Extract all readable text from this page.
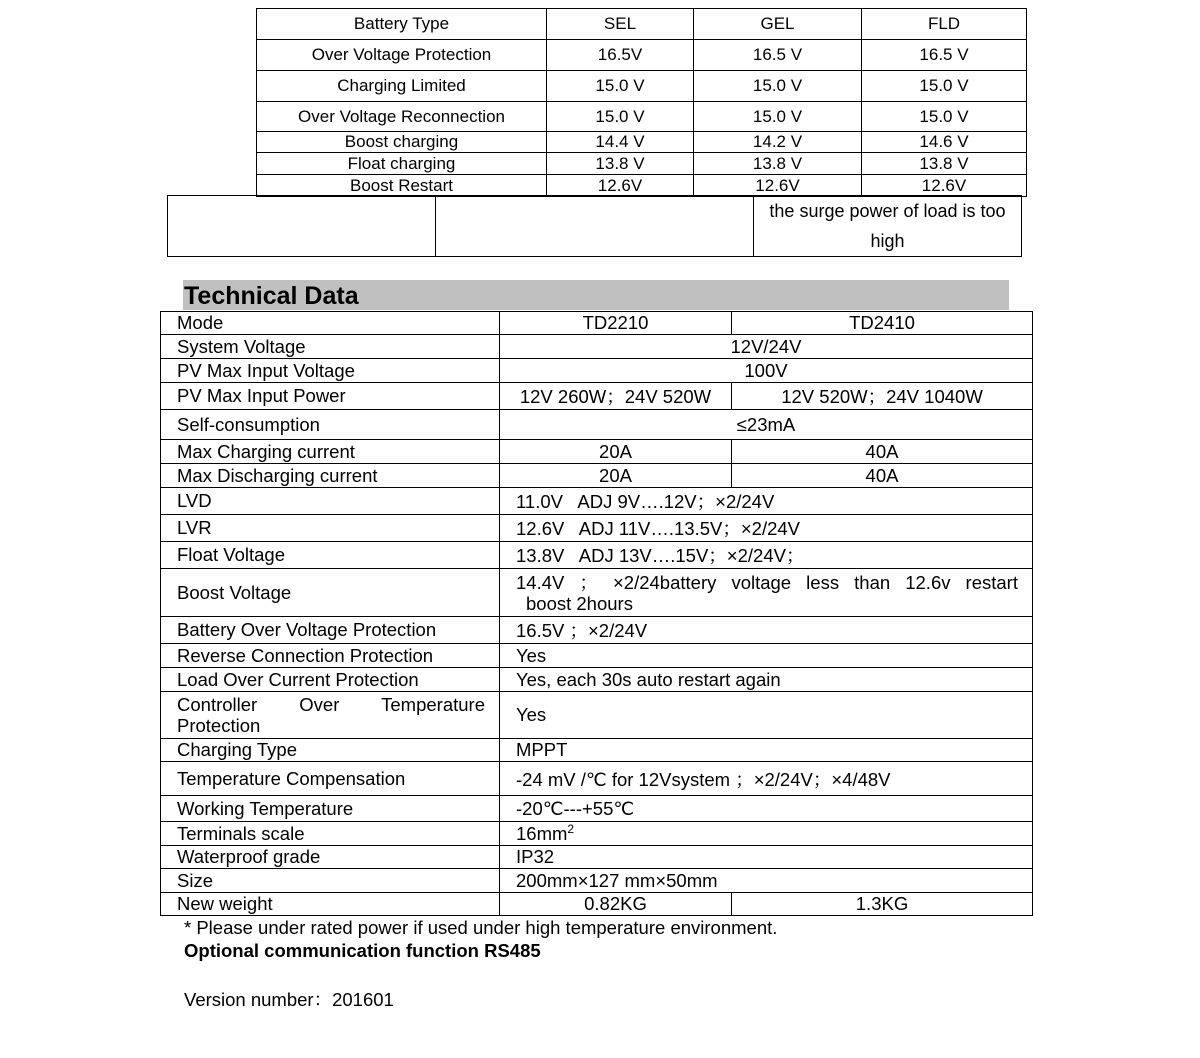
Battery Type	SEL	GEL	FLD
Over Voltage Protection	16.5V	16.5 V	16.5 V
Charging Limited	15.0 V	15.0 V	15.0 V
Over Voltage Reconnection	15.0 V	15.0 V	15.0 V
Boost charging	14.4 V	14.2 V	14.6 V
Float charging	13.8 V	13.8 V	13.8 V
Boost Restart	12.6V	12.6V	12.6V
		the surge power of load is too high
Technical Data
Mode	TD2210	TD2410
System Voltage	12V/24V	
PV Max Input Voltage	100V	
PV Max Input Power	12V 260W；24V 520W	12V 520W；24V 1040W
Self-consumption	≤23mA	
Max Charging current	20A	40A
Max Discharging current	20A	40A
LVD	11.0V   ADJ 9V….12V；×2/24V	
LVR	12.6V   ADJ 11V….13.5V；×2/24V	
Float Voltage	13.8V   ADJ 13V….15V；×2/24V；	
Boost Voltage	14.4V ； ×2/24battery voltage less than 12.6v restart
boost 2hours	

Battery Over Voltage Protection	16.5V ；×2/24V	
Reverse Connection Protection	Yes	
Load Over Current Protection	Yes, each 30s auto restart again	

Controller Over Temperature
Protection	Yes	
Charging Type	MPPT	
Temperature Compensation	-24 mV /℃ for 12Vsystem ；×2/24V；×4/48V	
Working Temperature	-20℃---+55℃	
Terminals scale	$16mm^2$
Waterproof grade	IP32	
Size	200mm×127 mm×50mm	
New weight	0.82KG	1.3KG
* Please under rated power if used under high temperature environment.
Optional communication function RS485
Version number：201601
